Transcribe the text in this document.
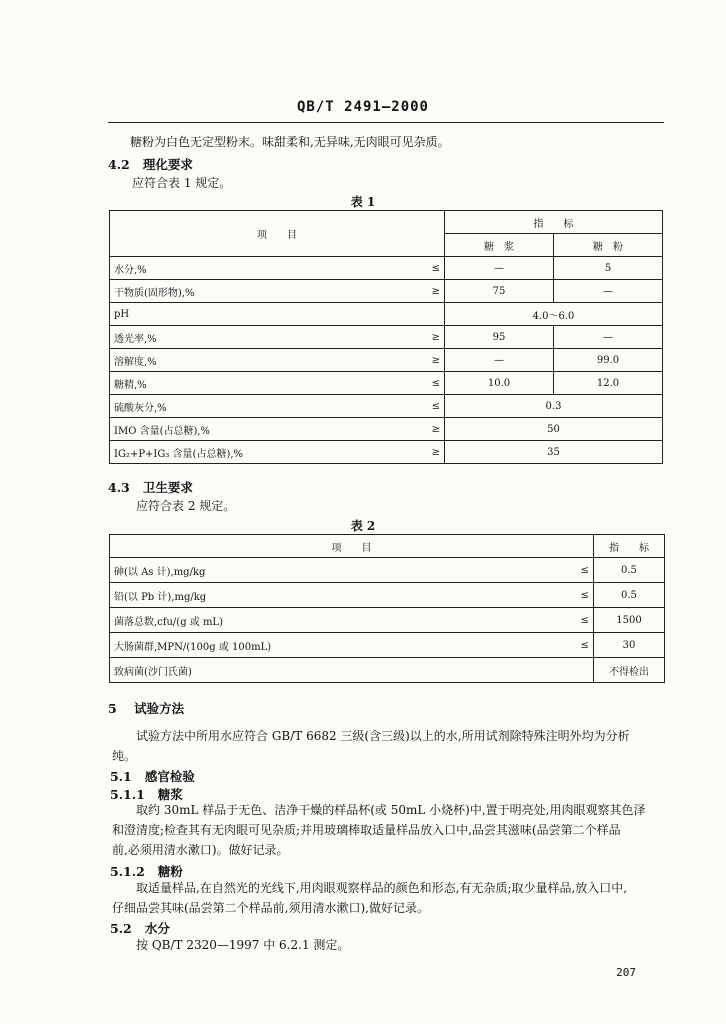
QB/T 2491—2000
糖粉为白色无定型粉末。味甜柔和,无异味,无肉眼可见杂质。
4.2 理化要求
应符合表 1 规定。
表 1
项　　目		指　　标	
		糖　浆	糖　粉
水分,%	≤	—	5
干物质(固形物),%	≥	75	—
pH		4.0～6.0	
透光率,%	≥	95	—
溶解度,%	≥	—	99.0
糖精,%	≤	10.0	12.0
硫酸灰分,%	≤	0.3	
IMO 含量(占总糖),%	≥	50	
IG₂+P+IG₃ 含量(占总糖),%	≥	35	
4.3 卫生要求
应符合表 2 规定。
表 2
项　　目		指　　标
砷(以 As 计),mg/kg	≤	0.5
铅(以 Pb 计),mg/kg	≤	0.5
菌落总数,cfu/(g 或 mL)	≤	1500
大肠菌群,MPN/(100g 或 100mL)	≤	30
致病菌(沙门氏菌)		不得检出
5 试验方法
试验方法中所用水应符合 GB/T 6682 三级(含三级)以上的水,所用试剂除特殊注明外均为分析
纯。
5.1 感官检验
5.1.1 糖浆
取约 30mL 样品于无色、洁净干燥的样品杯(或 50mL 小烧杯)中,置于明亮处,用肉眼观察其色泽
和澄清度;检查其有无肉眼可见杂质;并用玻璃棒取适量样品放入口中,品尝其滋味(品尝第二个样品
前,必须用清水漱口)。做好记录。
5.1.2 糖粉
取适量样品,在自然光的光线下,用肉眼观察样品的颜色和形态,有无杂质;取少量样品,放入口中,
仔细品尝其味(品尝第二个样品前,须用清水漱口),做好记录。
5.2 水分
按 QB/T 2320—1997 中 6.2.1 测定。
207
